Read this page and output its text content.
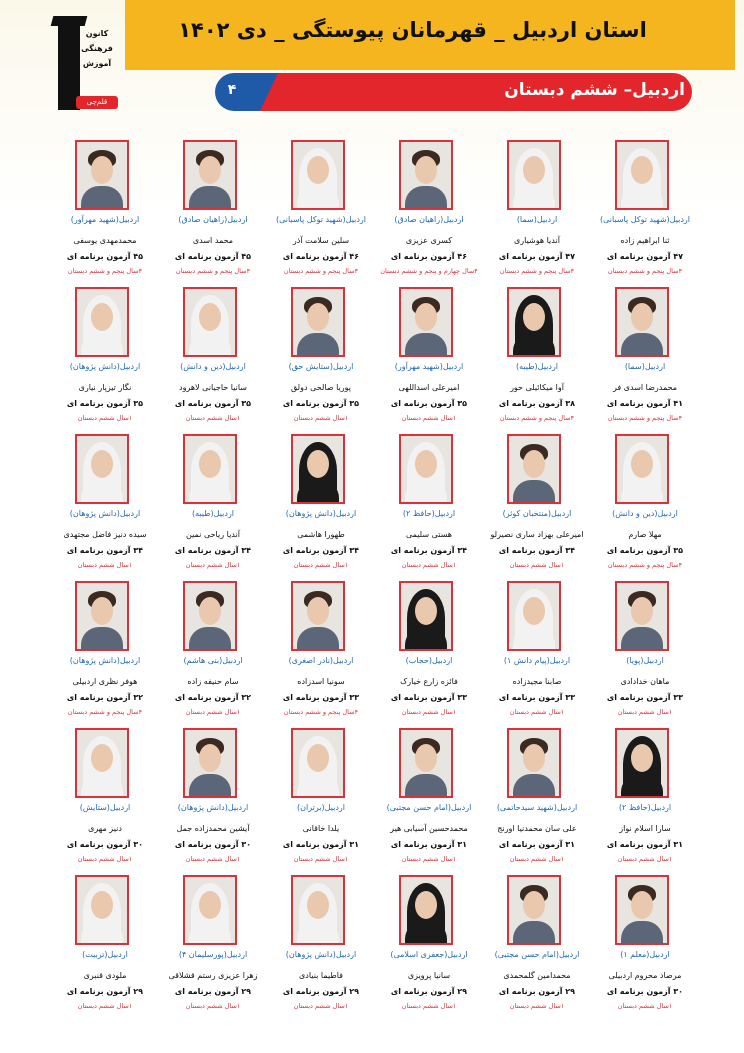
استان اردبیل _ قهرمانان پیوستگی _ دی ۱۴۰۲
۴	اردبیل– ششم دبستان
کانون
فرهنگی
آموزش
قلم‌چی
اردبیل(شهید توکل پاسبانی)
ثنا ابراهیم زاده
۴۷ آزمون برنامه ای
۴سال پنجم و ششم دبستان
اردبیل(سما)
آندیا هوشیاری
۴۷ آزمون برنامه ای
۴سال پنجم و ششم دبستان
اردبیل(راهیان صادق)
کسری عزیزی
۴۶ آزمون برنامه ای
۴سال چهارم و پنجم و ششم دبستان
اردبیل(شهید توکل پاسبانی)
سلین سلامت آذر
۴۶ آزمون برنامه ای
۴سال پنجم و ششم دبستان
اردبیل(راهیان صادق)
محمد اسدی
۴۵ آزمون برنامه ای
۴سال پنجم و ششم دبستان
اردبیل(شهید مهرآور)
محمدمهدی یوسفی
۴۵ آزمون برنامه ای
۴سال پنجم و ششم دبستان
اردبیل(سما)
محمدرضا اسدی فر
۴۱ آزمون برنامه ای
۴سال پنجم و ششم دبستان
اردبیل(طیبه)
آوا میکائیلی حور
۳۸ آزمون برنامه ای
۴سال پنجم و ششم دبستان
اردبیل(شهید مهرآور)
امیرعلی اسداللهی
۳۵ آزمون برنامه ای
۱سال ششم دبستان
اردبیل(ستایش حق)
پوریا صالحی دولق
۳۵ آزمون برنامه ای
۱سال ششم دبستان
اردبیل(دین و دانش)
سانیا حاجیانی لاهرود
۳۵ آزمون برنامه ای
۱سال ششم دبستان
اردبیل(دانش پژوهان)
نگار تیزپار نیاری
۳۵ آزمون برنامه ای
۱سال ششم دبستان
اردبیل(دین و دانش)
مهلا صارم
۳۵ آزمون برنامه ای
۴سال پنجم و ششم دبستان
اردبیل(منتخبان کوثر)
امیرعلی بهزاد ساری نصیرلو
۳۴ آزمون برنامه ای
۱سال ششم دبستان
اردبیل(حافظ ۲)
هستی سلیمی
۳۴ آزمون برنامه ای
۱سال ششم دبستان
اردبیل(دانش پژوهان)
طهورا هاشمی
۳۴ آزمون برنامه ای
۱سال ششم دبستان
اردبیل(طیبه)
آندیا ریاحی نمین
۳۴ آزمون برنامه ای
۱سال ششم دبستان
اردبیل(دانش پژوهان)
سیده دنیز فاضل مجتهدی
۳۴ آزمون برنامه ای
۱سال ششم دبستان
اردبیل(پویا)
ماهان خدادادی
۳۳ آزمون برنامه ای
۱سال ششم دبستان
اردبیل(پیام دانش ۱)
صابنا مجیدزاده
۳۳ آزمون برنامه ای
۱سال ششم دبستان
اردبیل(حجاب)
فائزه زارع خیارک
۳۳ آزمون برنامه ای
۱سال ششم دبستان
اردبیل(نادر اصغری)
سونیا اسدزاده
۳۳ آزمون برنامه ای
۴سال پنجم و ششم دبستان
اردبیل(بنی هاشم)
سام حنیفه زاده
۳۲ آزمون برنامه ای
۱سال ششم دبستان
اردبیل(دانش پژوهان)
هوفر نظری اردبیلی
۳۲ آزمون برنامه ای
۴سال پنجم و ششم دبستان
اردبیل(حافظ ۲)
سارا اسلام نواز
۳۱ آزمون برنامه ای
۱سال ششم دبستان
اردبیل(شهید سیدحاتمی)
علی سان محمدنیا اورنج
۳۱ آزمون برنامه ای
۱سال ششم دبستان
اردبیل(امام حسن مجتبی)
محمدحسین آسیابی هیر
۳۱ آزمون برنامه ای
۱سال ششم دبستان
اردبیل(برتران)
یلدا خاقانی
۳۱ آزمون برنامه ای
۱سال ششم دبستان
اردبیل(دانش پژوهان)
آیشین محمدزاده جمل
۳۰ آزمون برنامه ای
۱سال ششم دبستان
اردبیل(ستایش)
دنیز مهری
۳۰ آزمون برنامه ای
۱سال ششم دبستان
اردبیل(معلم ۱)
مرصاد محروم اردبیلی
۳۰ آزمون برنامه ای
۱سال ششم دبستان
اردبیل(امام حسن مجتبی)
محمدامین گلمحمدی
۲۹ آزمون برنامه ای
۱سال ششم دبستان
اردبیل(جعفری اسلامی)
سانیا پرویزی
۲۹ آزمون برنامه ای
۱سال ششم دبستان
اردبیل(دانش پژوهان)
فاطیما بنیادی
۲۹ آزمون برنامه ای
۱سال ششم دبستان
اردبیل(پورسلیمان ۴)
زهرا عزیزی رستم قشلاقی
۲۹ آزمون برنامه ای
۱سال ششم دبستان
اردبیل(تربیت)
ملودی قنبری
۲۹ آزمون برنامه ای
۱سال ششم دبستان
